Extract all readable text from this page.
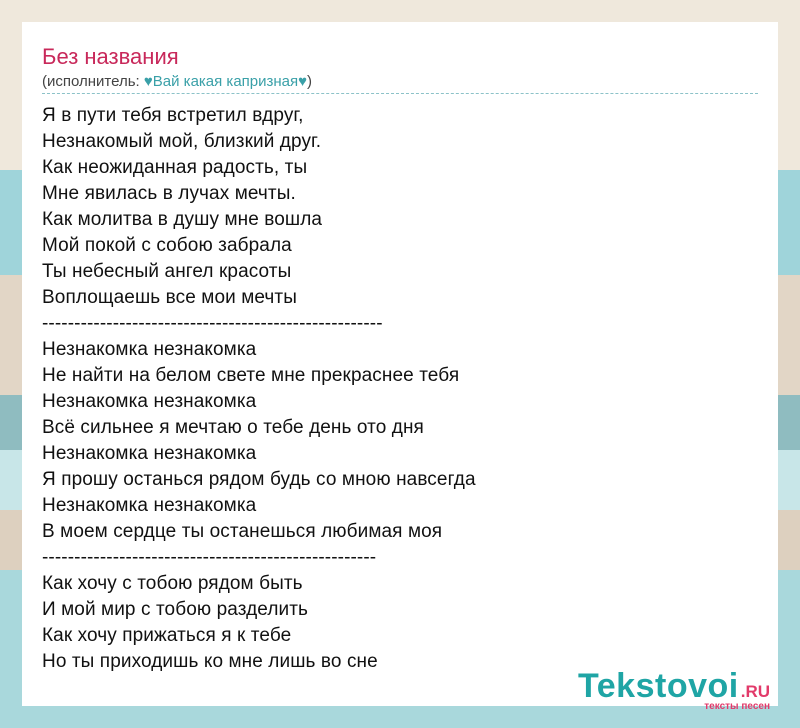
Без названия
(исполнитель: ♥Вай какая капризная♥)
Я в пути тебя встретил вдруг,
Незнакомый мой, близкий друг.
Как неожиданная радость, ты
Мне явилась в лучах мечты.
Как молитва в душу мне вошла
Мой покой с собою забрала
Ты небесный ангел красоты
Воплощаешь все мои мечты
-----------------------------------------------------
Незнакомка незнакомка
Не найти на белом свете мне прекраснее тебя
Незнакомка незнакомка
Всё сильнее я мечтаю о тебе день ото дня
Незнакомка незнакомка
Я прошу останься рядом будь со мною навсегда
Незнакомка незнакомка
В моем сердце ты останешься любимая моя
----------------------------------------------------
Как хочу с тобою рядом быть
И мой мир с тобою разделить
Как хочу прижаться я к тебе
Но ты приходишь ко мне лишь во сне
Tekstovoi .RU
тексты песен
